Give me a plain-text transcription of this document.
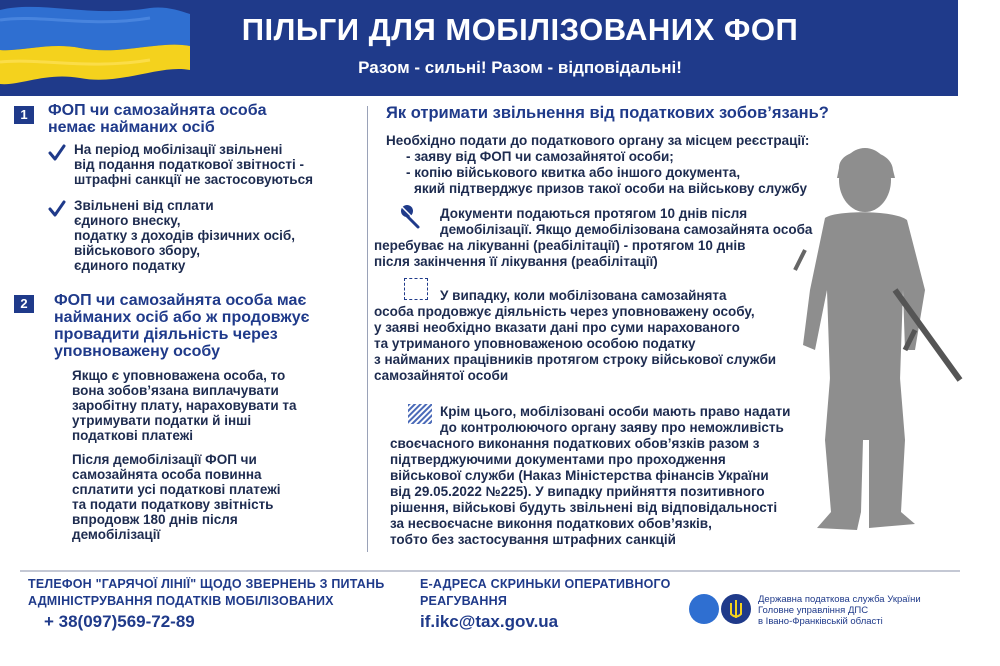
ПІЛЬГИ ДЛЯ МОБІЛІЗОВАНИХ ФОП
Разом - сильні! Разом - відповідальні!
1	ФОП чи самозайнята особа
немає найманих осіб
На період мобілізації звільнені
від подання податкової звітності -
штрафні санкції не застосовуються
Звільнені від сплати
єдиного внеску,
податку з доходів фізичних осіб,
військового збору,
єдиного податку
2	ФОП чи самозайнята особа має
найманих осіб або ж продовжує
провадити діяльність через
уповноважену особу
Якщо є уповноважена особа, то
вона зобов’язана виплачувати
заробітну плату, нараховувати та
утримувати податки й інші
податкові платежі
Після демобілізації ФОП чи
самозайнята особа повинна
сплатити усі податкові платежі
та подати податкову звітність
впродовж 180 днів після
демобілізації
Як отримати звільнення від податкових зобов’язань?
Необхідно подати до податкового органу за місцем реєстрації:
- заяву від ФОП чи самозайнятої особи;
- копію військового квитка або іншого документа,
який підтверджує призов такої особи на військову службу
Документи подаються протягом 10 днів після
демобілізації. Якщо демобілізована самозайнята особа
перебуває на лікуванні (реабілітації) - протягом 10 днів
після закінчення її лікування (реабілітації)
У випадку, коли мобілізована самозайнята
особа продовжує діяльність через уповноважену особу,
у заяві необхідно вказати дані про суми нарахованого
та утриманого уповноваженою особою податку
з найманих працівників протягом строку військової служби
самозайнятої особи
Крім цього, мобілізовані особи мають право надати
до контролюючого органу заяву про неможливість
своєчасного виконання податкових обов’язків разом з
підтверджуючими документами про проходження
військової служби (Наказ Міністерства фінансів України
від 29.05.2022 №225). У випадку прийняття позитивного
рішення, військові будуть звільнені від відповідальності
за несвоєчасне виконня податкових обов’язків,
тобто без застосування штрафних санкцій
ТЕЛЕФОН "ГАРЯЧОЇ ЛІНІЇ" ЩОДО ЗВЕРНЕНЬ З ПИТАНЬ
АДМІНІСТРУВАННЯ ПОДАТКІВ МОБІЛІЗОВАНИХ
+ 38(097)569-72-89
Е-АДРЕСА СКРИНЬКИ ОПЕРАТИВНОГО
РЕАГУВАННЯ
if.ikc@tax.gov.ua
Державна податкова служба України
Головне управління ДПС
в Івано-Франківській області
